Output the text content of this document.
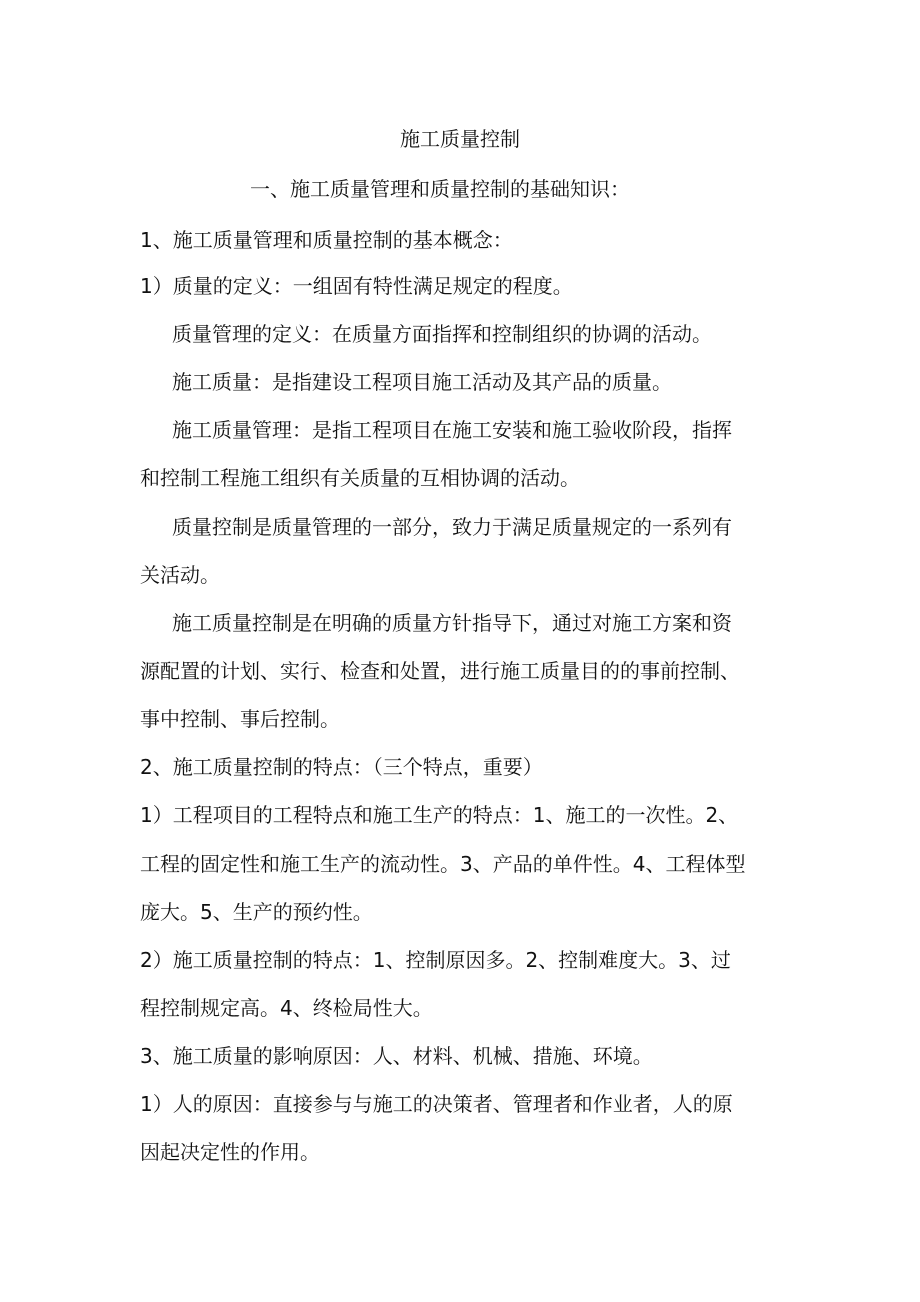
施工质量控制
一、施工质量管理和质量控制的基础知识：
1、施工质量管理和质量控制的基本概念：
1）质量的定义：一组固有特性满足规定的程度。
质量管理的定义：在质量方面指挥和控制组织的协调的活动。
施工质量：是指建设工程项目施工活动及其产品的质量。
施工质量管理：是指工程项目在施工安装和施工验收阶段，指挥
和控制工程施工组织有关质量的互相协调的活动。
质量控制是质量管理的一部分，致力于满足质量规定的一系列有
关活动。
施工质量控制是在明确的质量方针指导下，通过对施工方案和资
源配置的计划、实行、检查和处置，进行施工质量目的的事前控制、
事中控制、事后控制。
2、施工质量控制的特点：（三个特点，重要）
1）工程项目的工程特点和施工生产的特点：1、施工的一次性。2、
工程的固定性和施工生产的流动性。3、产品的单件性。4、工程体型
庞大。5、生产的预约性。
2）施工质量控制的特点：1、控制原因多。2、控制难度大。3、过
程控制规定高。4、终检局性大。
3、施工质量的影响原因：人、材料、机械、措施、环境。
1）人的原因：直接参与与施工的决策者、管理者和作业者，人的原
因起决定性的作用。
